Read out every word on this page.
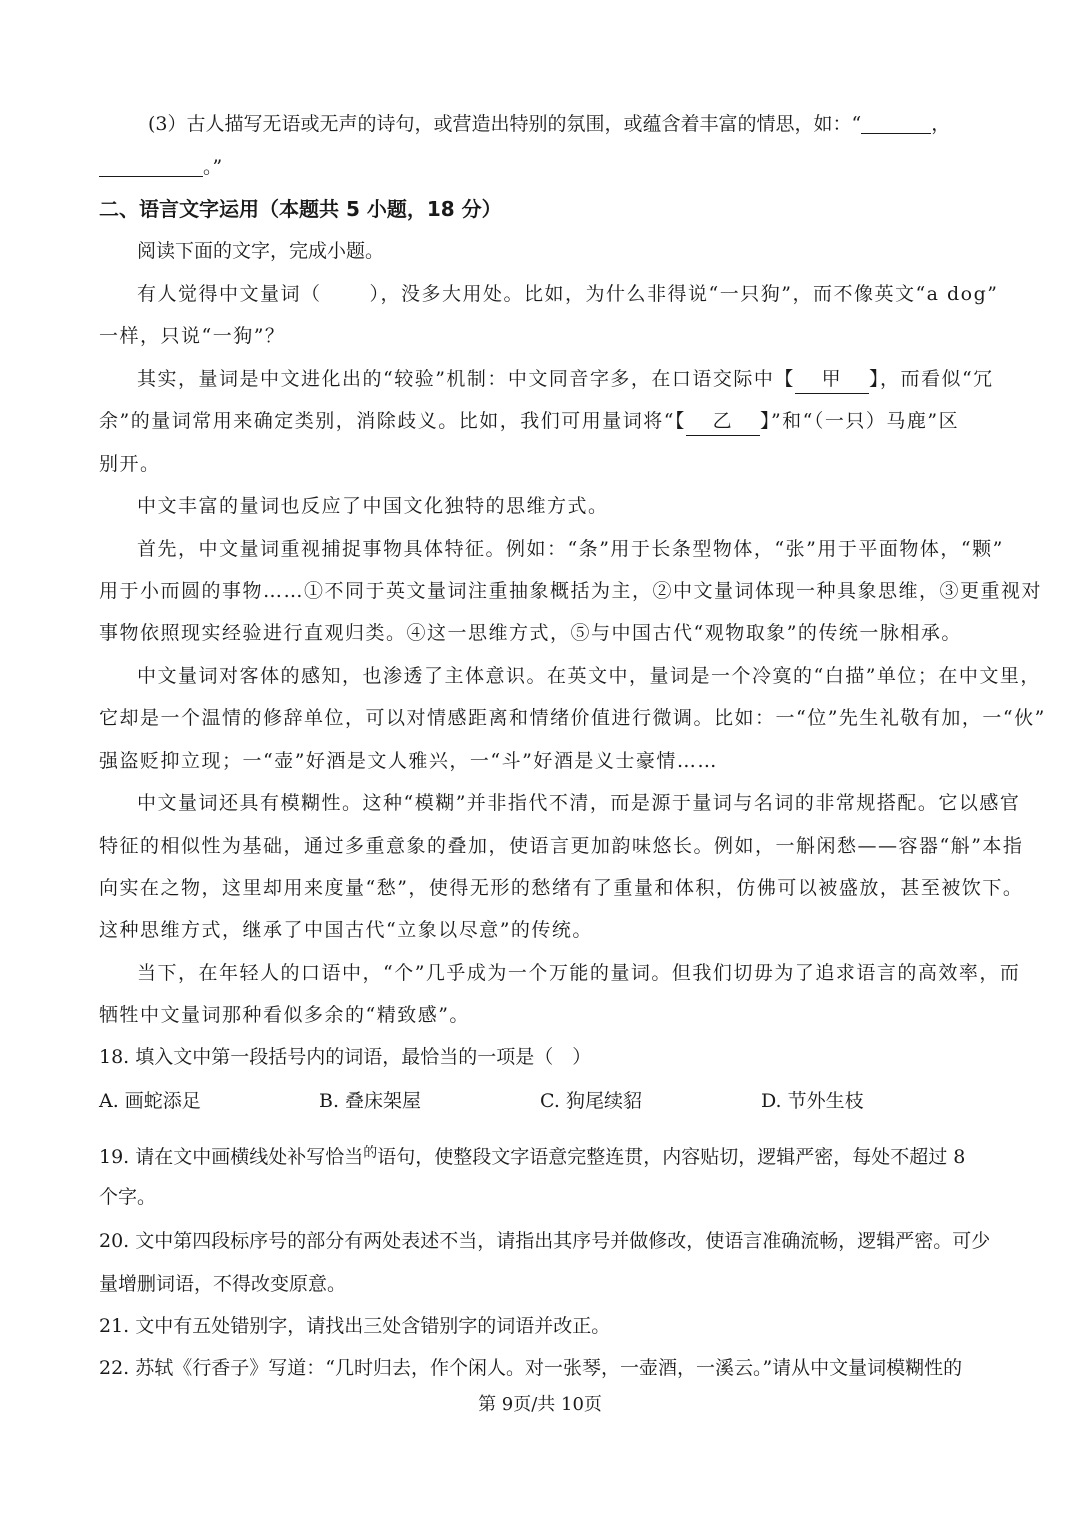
(3）古人描写无语或无声的诗句，或营造出特别的氛围，或蕴含着丰富的情思，如：“	，
。”
二、语言文字运用（本题共 5 小题，18 分）
阅读下面的文字，完成小题。
有人觉得中文量词（	），没多大用处。比如，为什么非得说“一只狗”，而不像英文“a dog”
一样，只说“一狗”？
其实，量词是中文进化出的“较验”机制：中文同音字多，在口语交际中【 甲 】，而看似“冗
余”的量词常用来确定类别，消除歧义。比如，我们可用量词将“【 乙 】”和“（一只）马鹿”区
别开。
中文丰富的量词也反应了中国文化独特的思维方式。
首先，中文量词重视捕捉事物具体特征。例如：“条”用于长条型物体，“张”用于平面物体，“颗”
用于小而圆的事物……①不同于英文量词注重抽象概括为主，②中文量词体现一种具象思维，③更重视对
事物依照现实经验进行直观归类。④这一思维方式，⑤与中国古代“观物取象”的传统一脉相承。
中文量词对客体的感知，也渗透了主体意识。在英文中，量词是一个冷寞的“白描”单位；在中文里，
它却是一个温情的修辞单位，可以对情感距离和情绪价值进行微调。比如：一“位”先生礼敬有加，一“伙”
强盗贬抑立现；一“壶”好酒是文人雅兴，一“斗”好酒是义士豪情……
中文量词还具有模糊性。这种“模糊”并非指代不清，而是源于量词与名词的非常规搭配。它以感官
特征的相似性为基础，通过多重意象的叠加，使语言更加韵味悠长。例如，一斛闲愁——容器“斛”本指
向实在之物，这里却用来度量“愁”，使得无形的愁绪有了重量和体积，仿佛可以被盛放，甚至被饮下。
这种思维方式，继承了中国古代“立象以尽意”的传统。
当下，在年轻人的口语中，“个”几乎成为一个万能的量词。但我们切毋为了追求语言的高效率，而
牺牲中文量词那种看似多余的“精致感”。
18. 填入文中第一段括号内的词语，最恰当的一项是（　）
A. 画蛇添足	B. 叠床架屋	C. 狗尾续貂	D. 节外生枝
19. 请在文中画横线处补写恰当$^的$语句，使整段文字语意完整连贯，内容贴切，逻辑严密，每处不超过 8
个字。
20. 文中第四段标序号的部分有两处表述不当，请指出其序号并做修改，使语言准确流畅，逻辑严密。可少
量增删词语，不得改变原意。
21. 文中有五处错别字，请找出三处含错别字的词语并改正。
22. 苏轼《行香子》写道：“几时归去，作个闲人。对一张琴，一壶酒，一溪云。”请从中文量词模糊性的
第 9页/共 10页
